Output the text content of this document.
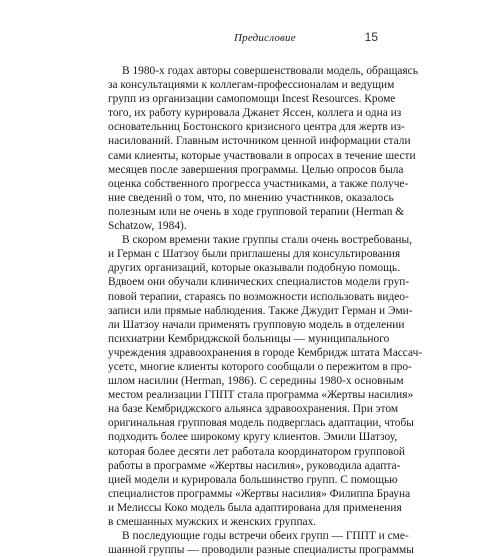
Предисловие	15
В 1980-х годах авторы совершенствовали модель, обращаясь
за консультациями к коллегам-профессионалам и ведущим
групп из организации самопомощи Incest Resources. Кроме
того, их работу курировала Джанет Яссен, коллега и одна из
основательниц Бостонского кризисного центра для жертв из-
насилований. Главным источником ценной информации стали
сами клиенты, которые участвовали в опросах в течение шести
месяцев после завершения программы. Целью опросов была
оценка собственного прогресса участниками, а также получе-
ние сведений о том, что, по мнению участников, оказалось
полезным или не очень в ходе групповой терапии (Herman &
Schatzow, 1984).
В скором времени такие группы стали очень востребованы,
и Герман с Шатзоу были приглашены для консультирования
других организаций, которые оказывали подобную помощь.
Вдвоем они обучали клинических специалистов модели груп-
повой терапии, стараясь по возможности использовать видео-
записи или прямые наблюдения. Также Джудит Герман и Эми-
ли Шатзоу начали применять групповую модель в отделении
психиатрии Кембриджской больницы — муниципального
учреждения здравоохранения в городе Кембридж штата Массач-
усетс, многие клиенты которого сообщали о пережитом в про-
шлом насилии (Herman, 1986). С середины 1980-х основным
местом реализации ГППТ стала программа «Жертвы насилия»
на базе Кембриджского альянса здравоохранения. При этом
оригинальная групповая модель подверглась адаптации, чтобы
подходить более широкому кругу клиентов. Эмили Шатзоу,
которая более десяти лет работала координатором групповой
работы в программе «Жертвы насилия», руководила адапта-
цией модели и курировала большинство групп. С помощью
специалистов программы «Жертвы насилия» Филиппа Брауна
и Мелиссы Коко модель была адаптирована для применения
в смешанных мужских и женских группах.
В последующие годы встречи обеих групп — ГППТ и сме-
шанной группы — проводили разные специалисты программы
